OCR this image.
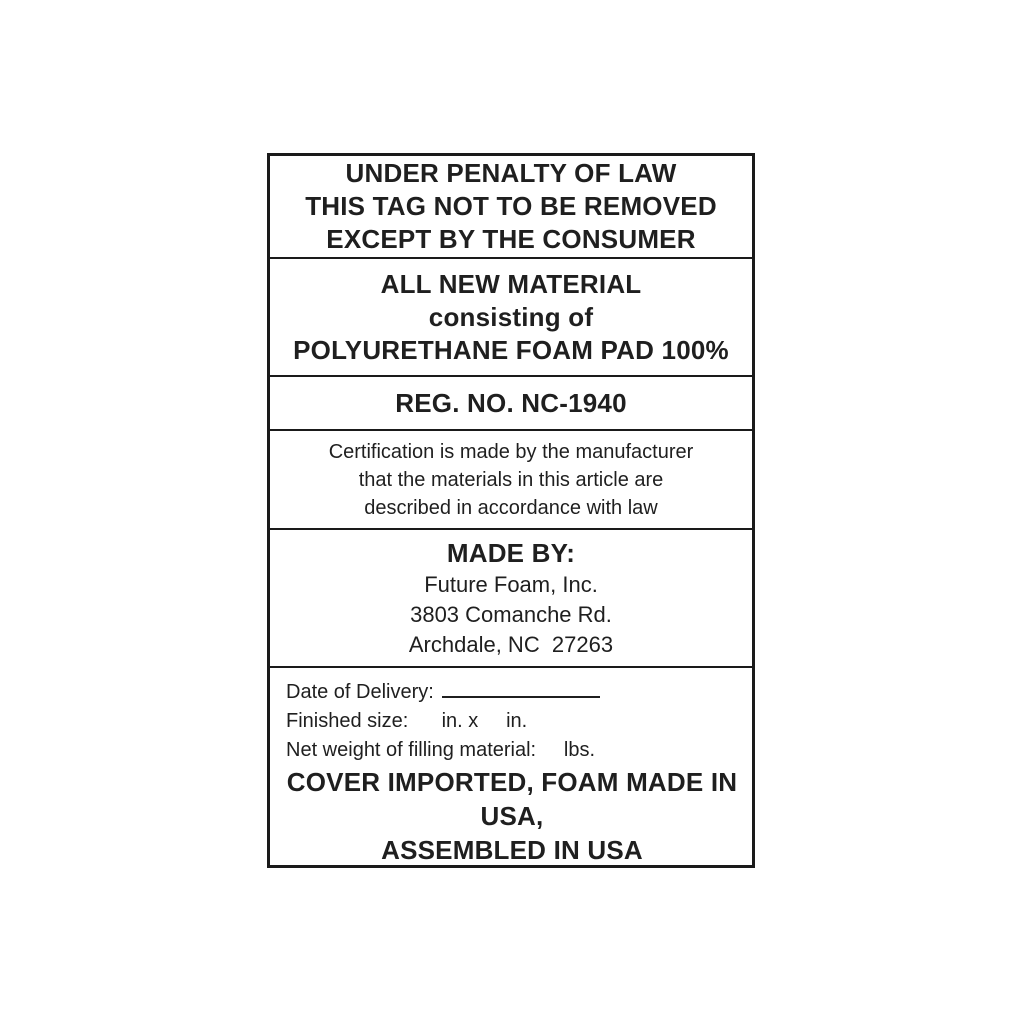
UNDER PENALTY OF LAW

THIS TAG NOT TO BE REMOVED

EXCEPT BY THE CONSUMER

ALL NEW MATERIAL

consisting of

POLYURETHANE FOAM PAD 100%

REG. NO. NC-1940

Certification is made by the manufacturer

that the materials in this article are

described in accordance with law

MADE BY:

Future Foam, Inc.

3803 Comanche Rd.

Archdale, NC  27263

Date of Delivery:

Finished size:      in. x     in.

Net weight of filling material:     lbs.

COVER IMPORTED, FOAM MADE IN USA,

ASSEMBLED IN USA
